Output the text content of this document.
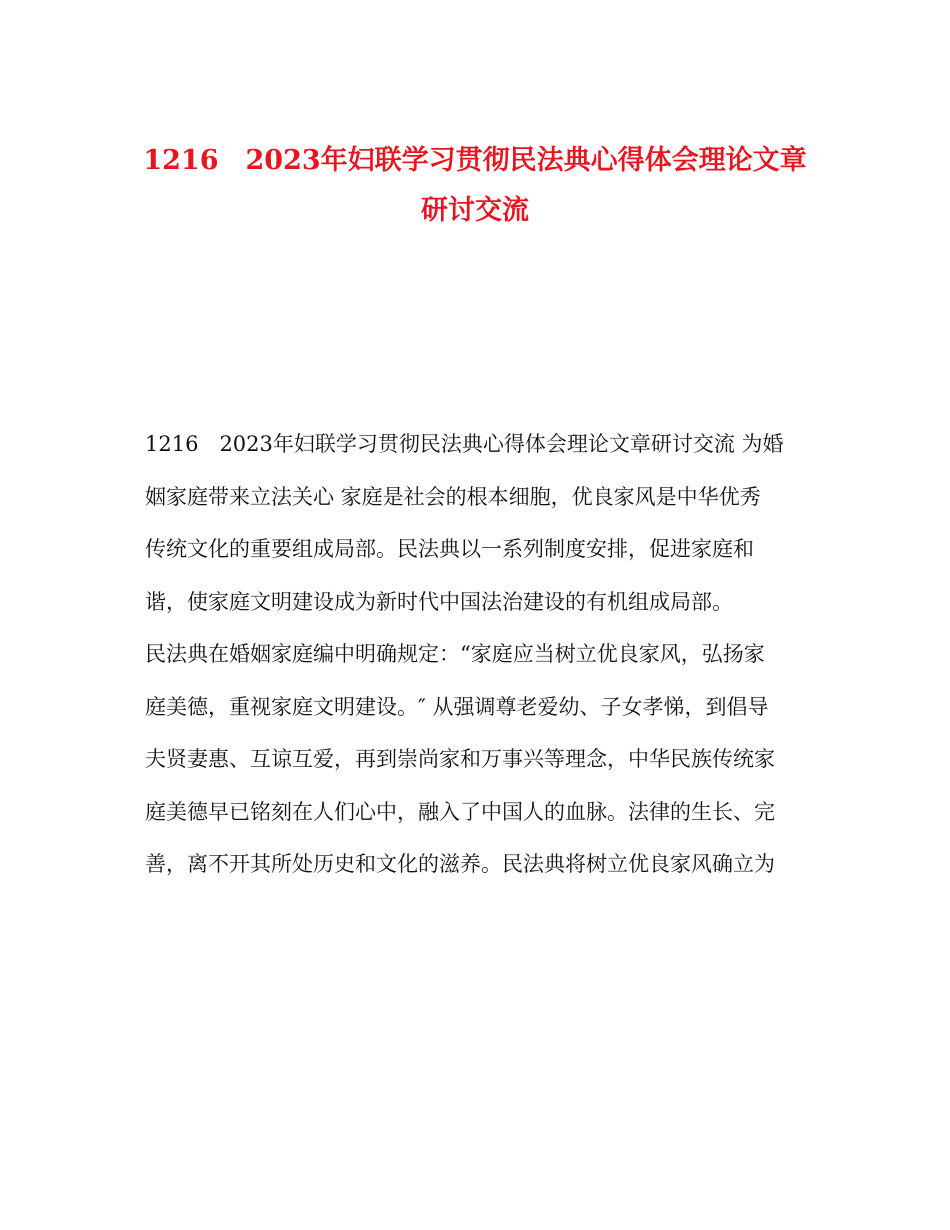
1216　2023年妇联学习贯彻民法典心得体会理论文章
研讨交流
1216　2023年妇联学习贯彻民法典心得体会理论文章研讨交流 为婚
姻家庭带来立法关心 家庭是社会的根本细胞，优良家风是中华优秀
传统文化的重要组成局部。民法典以一系列制度安排，促进家庭和
谐，使家庭文明建设成为新时代中国法治建设的有机组成局部。
民法典在婚姻家庭编中明确规定：“家庭应当树立优良家风，弘扬家
庭美德，重视家庭文明建设。″ 从强调尊老爱幼、子女孝悌，到倡导
夫贤妻惠、互谅互爱，再到崇尚家和万事兴等理念，中华民族传统家
庭美德早已铭刻在人们心中，融入了中国人的血脉。法律的生长、完
善，离不开其所处历史和文化的滋养。民法典将树立优良家风确立为
